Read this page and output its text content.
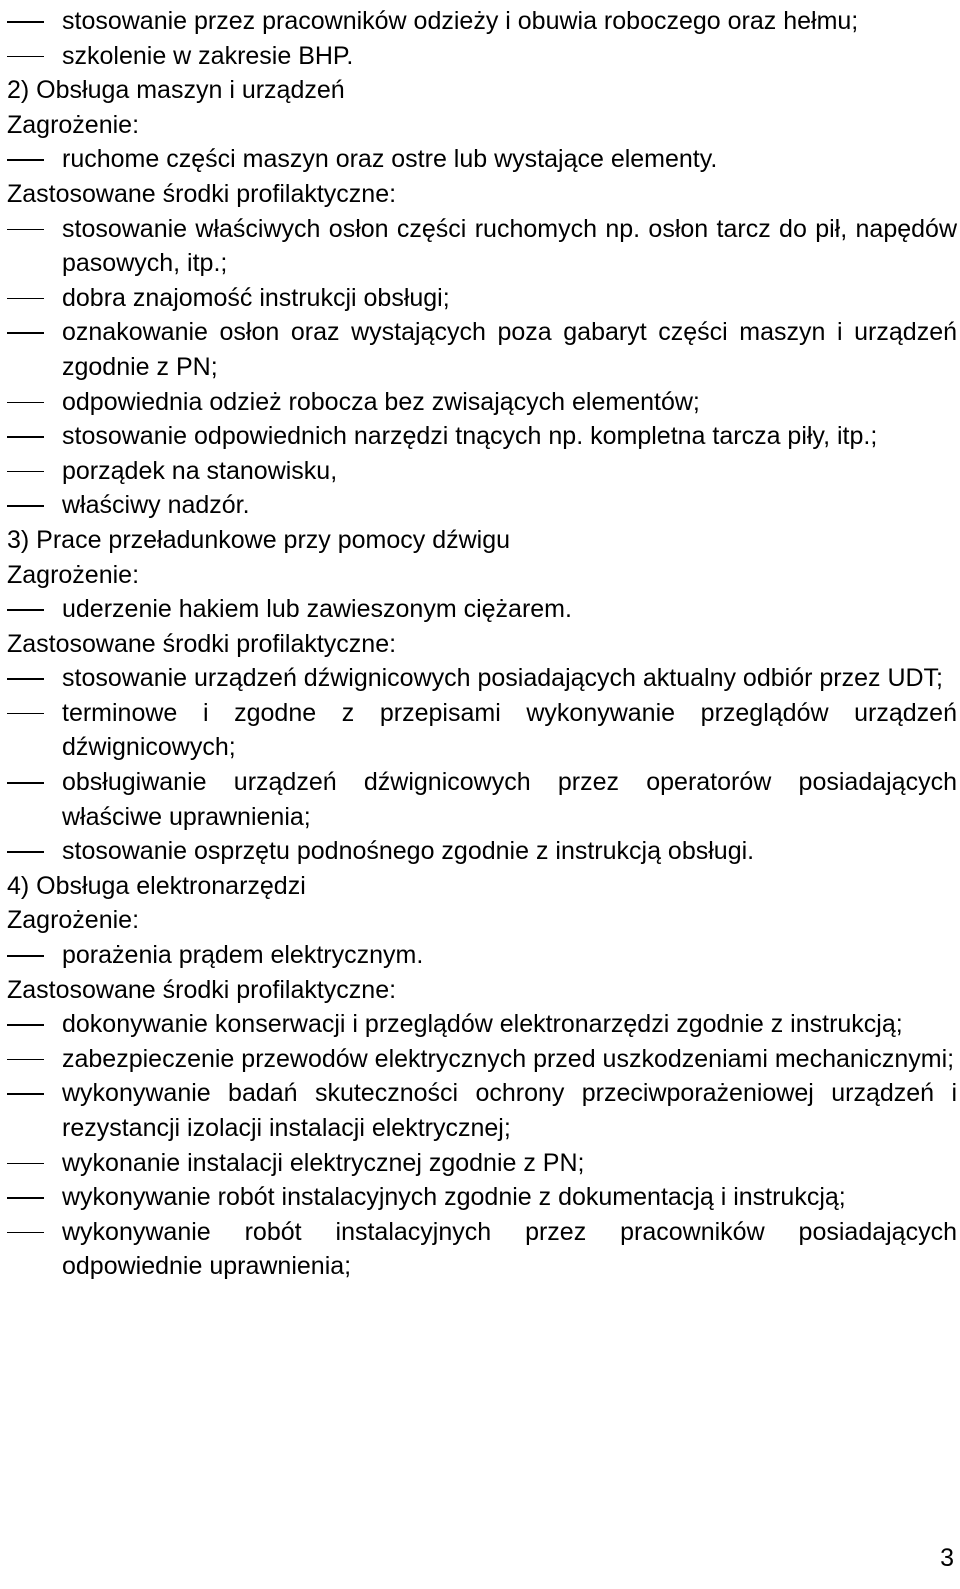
stosowanie przez pracowników odzieży i obuwia roboczego oraz hełmu;
szkolenie w zakresie BHP.
2) Obsługa maszyn i urządzeń
Zagrożenie:
ruchome części maszyn oraz ostre lub wystające elementy.
Zastosowane środki profilaktyczne:
stosowanie właściwych osłon części ruchomych np. osłon tarcz do pił, napędów pasowych, itp.;
dobra znajomość instrukcji obsługi;
oznakowanie osłon oraz wystających poza gabaryt części maszyn i urządzeń zgodnie z PN;
odpowiednia odzież robocza bez zwisających elementów;
stosowanie odpowiednich narzędzi tnących np. kompletna tarcza piły, itp.;
porządek na stanowisku,
właściwy nadzór.
3) Prace przeładunkowe przy pomocy dźwigu
Zagrożenie:
uderzenie hakiem lub zawieszonym ciężarem.
Zastosowane środki profilaktyczne:
stosowanie urządzeń dźwignicowych posiadających aktualny odbiór przez UDT;
terminowe i zgodne z przepisami wykonywanie przeglądów urządzeń dźwignicowych;
obsługiwanie urządzeń dźwignicowych przez operatorów posiadających właściwe uprawnienia;
stosowanie osprzętu podnośnego zgodnie z instrukcją obsługi.
4) Obsługa elektronarzędzi
Zagrożenie:
porażenia prądem elektrycznym.
Zastosowane środki profilaktyczne:
dokonywanie konserwacji i przeglądów elektronarzędzi zgodnie z instrukcją;
zabezpieczenie przewodów elektrycznych przed uszkodzeniami mechanicznymi;
wykonywanie badań skuteczności ochrony przeciwporażeniowej urządzeń i rezystancji izolacji instalacji elektrycznej;
wykonanie instalacji elektrycznej zgodnie z PN;
wykonywanie robót instalacyjnych zgodnie z dokumentacją i instrukcją;
wykonywanie robót instalacyjnych przez pracowników posiadających odpowiednie uprawnienia;
3
